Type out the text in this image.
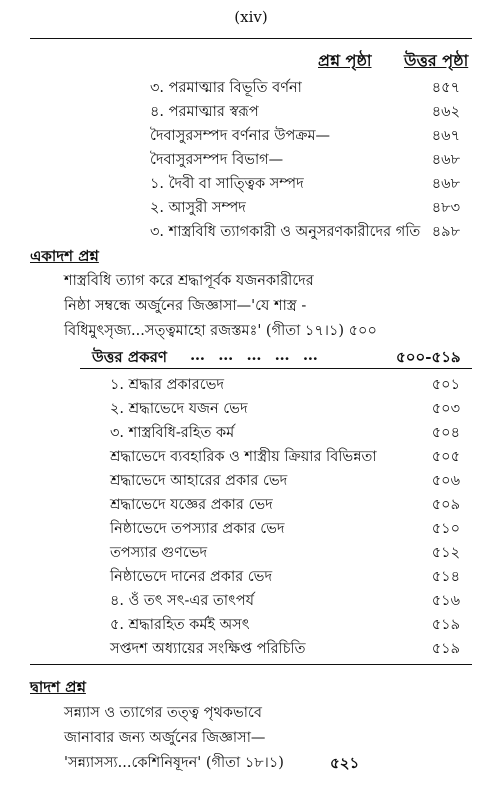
(xiv)
প্রশ্ন পৃষ্ঠা উত্তর পৃষ্ঠা
৩. পরমাত্মার বিভূতি বর্ণনা	৪৫৭
৪. পরমাত্মার স্বরূপ	৪৬২
দৈবাসুরসম্পদ বর্ণনার উপক্রম—	৪৬৭
দৈবাসুরসম্পদ বিভাগ—	৪৬৮
১. দৈবী বা সাত্ত্বিক সম্পদ	৪৬৮
২. আসুরী সম্পদ	৪৮৩
৩. শাস্ত্রবিধি ত্যাগকারী ও অনুসরণকারীদের গতি ৪৯৮
একাদশ প্রশ্ন
শাস্ত্রবিধি ত্যাগ করে শ্রদ্ধাপূর্বক যজনকারীদের
নিষ্ঠা সম্বন্ধে অর্জুনের জিজ্ঞাসা—'যে শাস্ত্র -
বিধিমুৎসৃজ্য...সত্ত্বমাহো রজস্তমঃ' (গীতা ১৭।১) ৫০০
উত্তর প্রকরণ … … … … …	৫০০-৫১৯
১. শ্রদ্ধার প্রকারভেদ	৫০১
২. শ্রদ্ধাভেদে যজন ভেদ	৫০৩
৩. শাস্ত্রবিধি-রহিত কর্ম	৫০৪
শ্রদ্ধাভেদে ব্যবহারিক ও শাস্ত্রীয় ক্রিয়ার বিভিন্নতা	৫০৫
শ্রদ্ধাভেদে আহারের প্রকার ভেদ	৫০৬
শ্রদ্ধাভেদে যজ্ঞের প্রকার ভেদ	৫০৯
নিষ্ঠাভেদে তপস্যার প্রকার ভেদ	৫১০
তপস্যার গুণভেদ	৫১২
নিষ্ঠাভেদে দানের প্রকার ভেদ	৫১৪
৪. ওঁ তৎ সৎ-এর তাৎপর্য	৫১৬
৫. শ্রদ্ধারহিত কর্মই অসৎ	৫১৯
সপ্তদশ অধ্যায়ের সংক্ষিপ্ত পরিচিতি	৫১৯
দ্বাদশ প্রশ্ন
সন্ন্যাস ও ত্যাগের তত্ত্ব পৃথকভাবে
জানাবার জন্য অর্জুনের জিজ্ঞাসা—
'সন্ন্যাসস্য...কেশিনিষূদন' (গীতা ১৮।১)	৫২১
